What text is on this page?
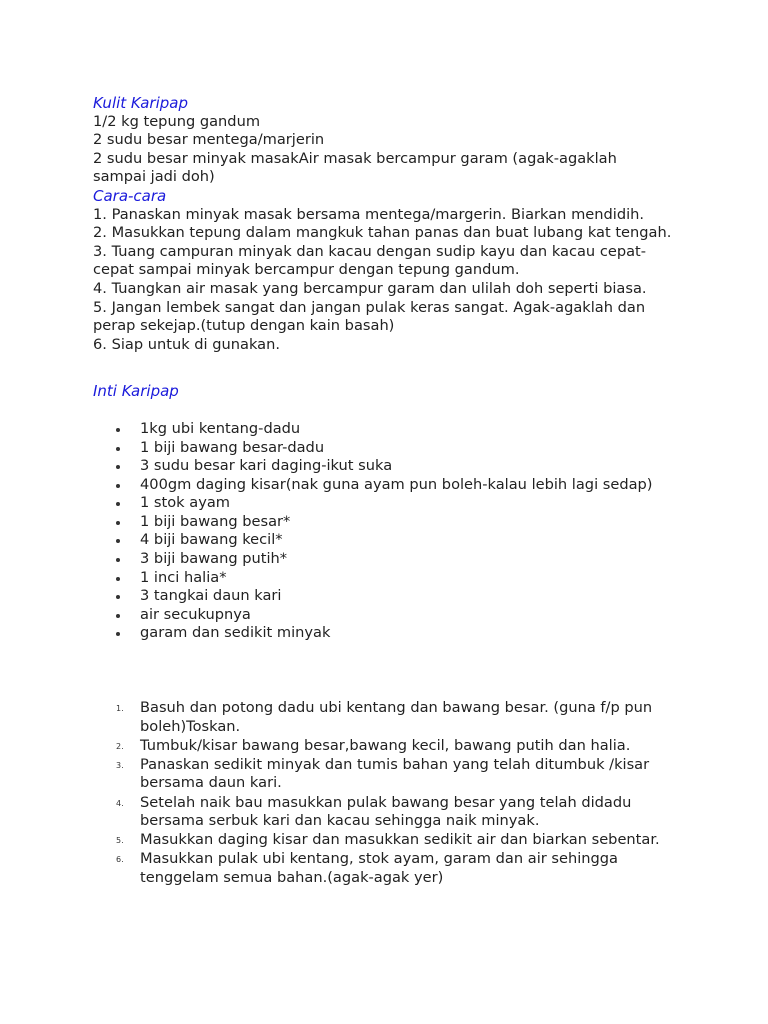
Kulit Karipap
1/2 kg tepung gandum
2 sudu besar mentega/marjerin
2 sudu besar minyak masakAir masak bercampur garam (agak-agaklah sampai jadi doh)
Cara-cara
1. Panaskan minyak masak bersama mentega/margerin. Biarkan mendidih.
2. Masukkan tepung dalam mangkuk tahan panas dan buat lubang kat tengah.
3. Tuang campuran minyak dan kacau dengan sudip kayu dan kacau cepat-cepat sampai minyak bercampur dengan tepung gandum.
4. Tuangkan air masak yang bercampur garam dan ulilah doh seperti biasa.
5. Jangan lembek sangat dan jangan pulak keras sangat. Agak-agaklah dan perap sekejap.(tutup dengan kain basah)
6. Siap untuk di gunakan.
Inti Karipap
1kg ubi kentang-dadu
1 biji bawang besar-dadu
3 sudu besar kari daging-ikut suka
400gm daging kisar(nak guna ayam pun boleh-kalau lebih lagi sedap)
1 stok ayam
1 biji bawang besar*
4 biji bawang kecil*
3 biji bawang putih*
1 inci halia*
3 tangkai daun kari
air secukupnya
garam dan sedikit minyak
1. Basuh dan potong dadu ubi kentang dan bawang besar. (guna f/p pun boleh)Toskan.
2. Tumbuk/kisar bawang besar,bawang kecil, bawang putih dan halia.
3. Panaskan sedikit minyak dan tumis bahan yang telah ditumbuk /kisar bersama daun kari.
4. Setelah naik bau masukkan pulak bawang besar yang telah didadu bersama serbuk kari dan kacau sehingga naik minyak.
5. Masukkan daging kisar dan masukkan sedikit air dan biarkan sebentar.
6. Masukkan pulak ubi kentang, stok ayam, garam dan air sehingga tenggelam semua bahan.(agak-agak yer)
